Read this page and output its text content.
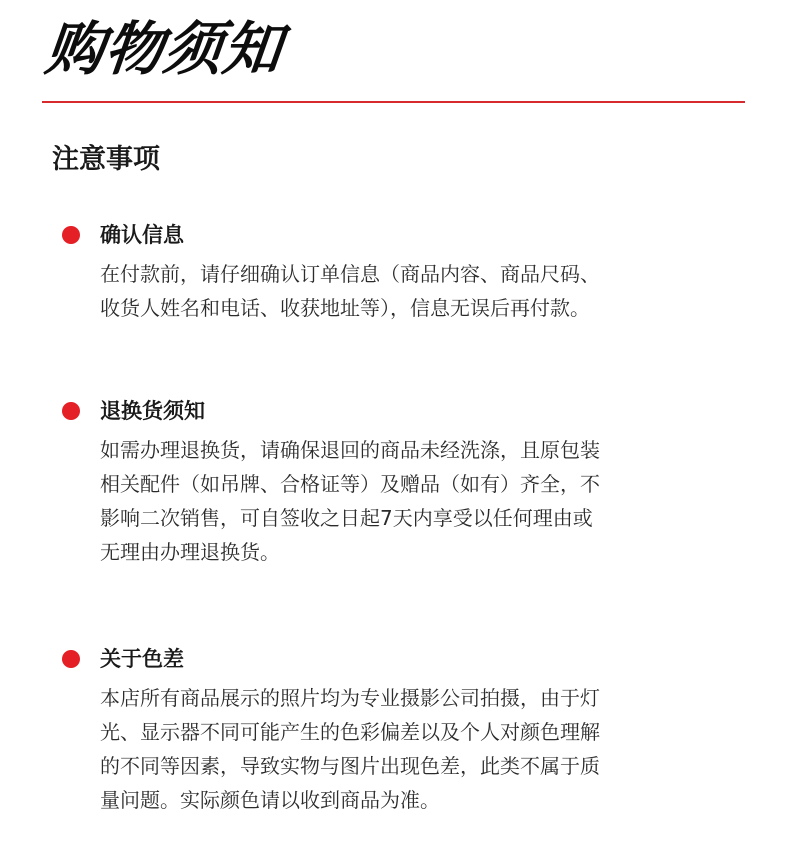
购物须知
注意事项
确认信息
在付款前，请仔细确认订单信息（商品内容、商品尺码、
收货人姓名和电话、收获地址等），信息无误后再付款。
退换货须知
如需办理退换货，请确保退回的商品未经洗涤，且原包装
相关配件（如吊牌、合格证等）及赠品（如有）齐全，不
影响二次销售，可自签收之日起7天内享受以任何理由或
无理由办理退换货。
关于色差
本店所有商品展示的照片均为专业摄影公司拍摄，由于灯
光、显示器不同可能产生的色彩偏差以及个人对颜色理解
的不同等因素，导致实物与图片出现色差，此类不属于质
量问题。实际颜色请以收到商品为准。
